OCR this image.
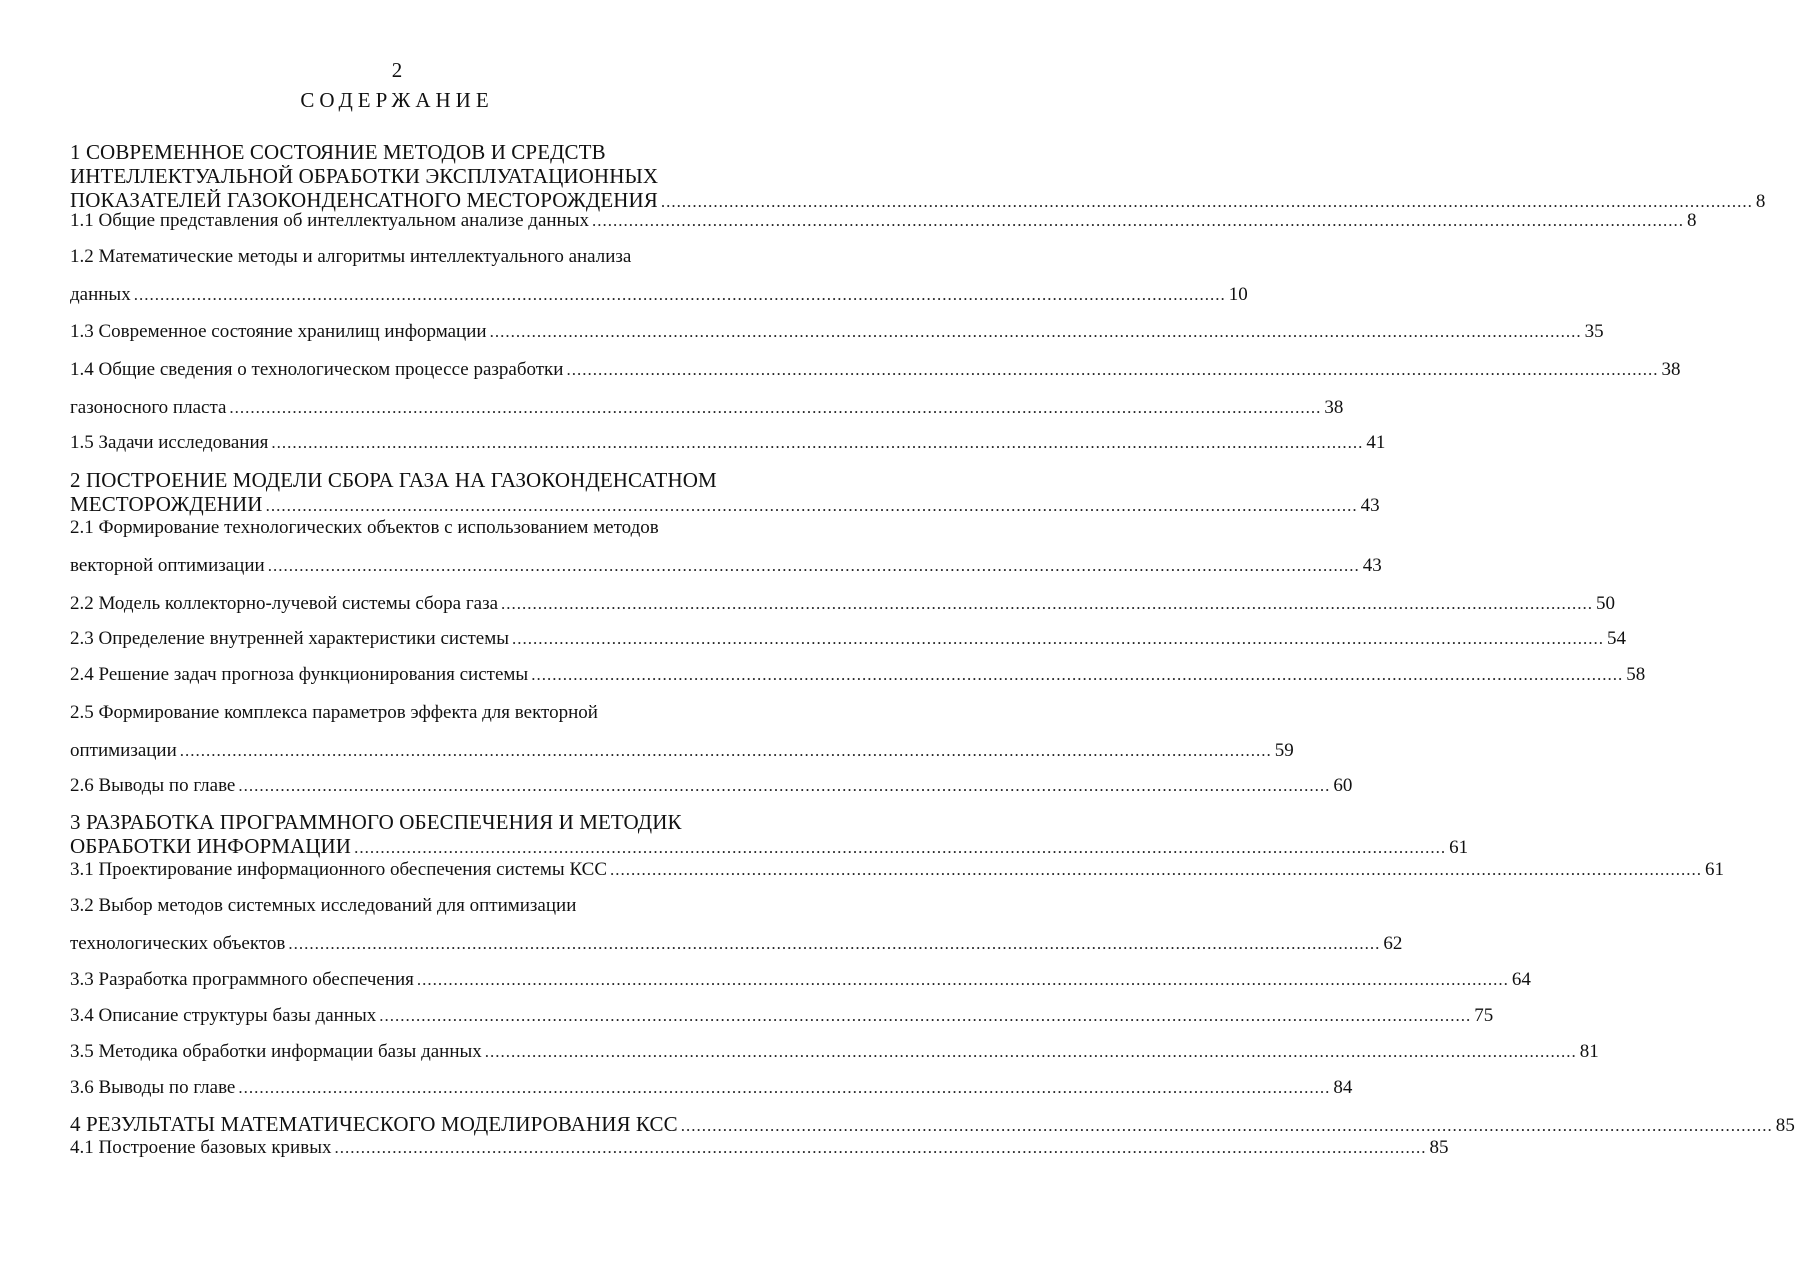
2
СОДЕРЖАНИЕ
1 СОВРЕМЕННОЕ СОСТОЯНИЕ МЕТОДОВ И СРЕДСТВ
ИНТЕЛЛЕКТУАЛЬНОЙ ОБРАБОТКИ ЭКСПЛУАТАЦИОННЫХ
ПОКАЗАТЕЛЕЙ ГАЗОКОНДЕНСАТНОГО МЕСТОРОЖДЕНИЯ .....	8
1.1 Общие представления об интеллектуальном анализе данных .....	8
1.2 Математические методы и алгоритмы интеллектуального анализа
данных .....	10
1.3 Современное состояние хранилищ информации .....	35
1.4 Общие сведения о технологическом процессе разработки .....	38
газоносного пласта .....	38
1.5 Задачи исследования .....	41
2 ПОСТРОЕНИЕ МОДЕЛИ СБОРА ГАЗА НА ГАЗОКОНДЕНСАТНОМ
МЕСТОРОЖДЕНИИ .....	43
2.1 Формирование технологических объектов с использованием методов
векторной оптимизации .....	43
2.2 Модель коллекторно-лучевой системы сбора газа .....	50
2.3 Определение внутренней характеристики системы .....	54
2.4 Решение задач прогноза функционирования системы .....	58
2.5 Формирование комплекса параметров эффекта для векторной
оптимизации .....	59
2.6 Выводы по главе .....	60
3 РАЗРАБОТКА ПРОГРАММНОГО ОБЕСПЕЧЕНИЯ И МЕТОДИК
ОБРАБОТКИ ИНФОРМАЦИИ .....	61
3.1 Проектирование информационного обеспечения системы КСС .....	61
3.2 Выбор методов системных исследований для оптимизации
технологических объектов .....	62
3.3 Разработка программного обеспечения .....	64
3.4 Описание структуры базы данных .....	75
3.5 Методика обработки информации базы данных .....	81
3.6 Выводы по главе .....	84
4 РЕЗУЛЬТАТЫ МАТЕМАТИЧЕСКОГО МОДЕЛИРОВАНИЯ КСС .....	85
4.1 Построение базовых кривых .....	85
